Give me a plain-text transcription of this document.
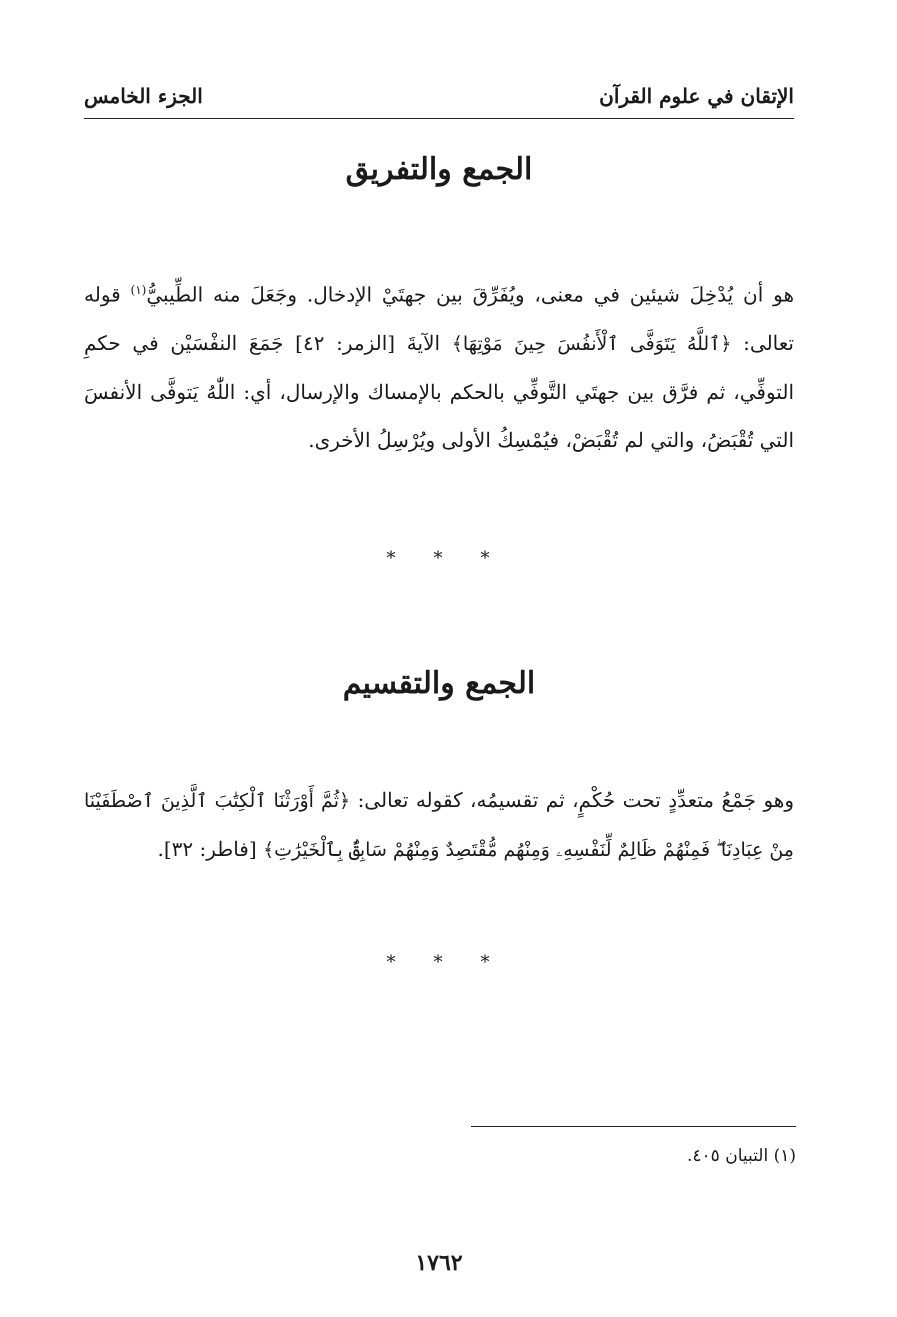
الإتقان في علوم القرآن
الجزء الخامس
الجمع والتفريق

هو أن يُدْخِلَ شيئين في معنى، ويُفَرِّقَ بين جهتَيْ الإدخال. وجَعَلَ منه الطِّيبيُّ$^{(١)}$ قوله تعالى: ﴿ٱللَّهُ يَتَوَفَّى ٱلْأَنفُسَ حِينَ مَوْتِهَا﴾ الآيةَ [الزمر: ٤٢] جَمَعَ النفْسَيْن في حكمِ التوفِّي، ثم فرَّق بين جهتَي التَّوفِّي بالحكم بالإمساك والإرسال، أي: اللّٰهُ يَتوفَّى الأنفسَ التي تُقْبَضُ، والتي لم تُقْبَضْ، فيُمْسِكُ الأولى ويُرْسِلُ الأخرى.

* * *
الجمع والتقسيم

وهو جَمْعُ متعدِّدٍ تحت حُكْمٍ، ثم تقسيمُه، كقوله تعالى: ﴿ثُمَّ أَوْرَثْنَا ٱلْكِتَٰبَ ٱلَّذِينَ ٱصْطَفَيْنَا مِنْ عِبَادِنَا ۖ فَمِنْهُمْ ظَالِمٌ لِّنَفْسِهِۦ وَمِنْهُم مُّقْتَصِدٌ وَمِنْهُمْ سَابِقٌۢ بِٱلْخَيْرَٰتِ﴾ [فاطر: ٣٢].

* * *
(١) التبيان ٤٠٥.
١٧٦٢
